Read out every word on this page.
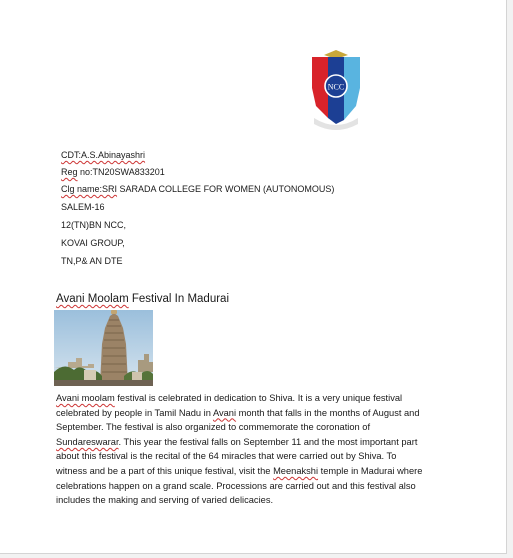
NCC
CDT:A.S.Abinayashri
Reg no:TN20SWA833201
Clg name:SRI SARADA COLLEGE FOR WOMEN (AUTONOMOUS)
SALEM-16
12(TN)BN NCC,
KOVAI GROUP,
TN,P& AN DTE
Avani Moolam Festival In Madurai
Avani moolam festival is celebrated in dedication to Shiva. It is a very unique festival
celebrated by people in Tamil Nadu in Avani month that falls in the months of August and
September. The festival is also organized to commemorate the coronation of
Sundareswarar. This year the festival falls on September 11 and the most important part
about this festival is the recital of the 64 miracles that were carried out by Shiva. To
witness and be a part of this unique festival, visit the Meenakshi temple in Madurai where
celebrations happen on a grand scale. Processions are carried out and this festival also
includes the making and serving of varied delicacies.
